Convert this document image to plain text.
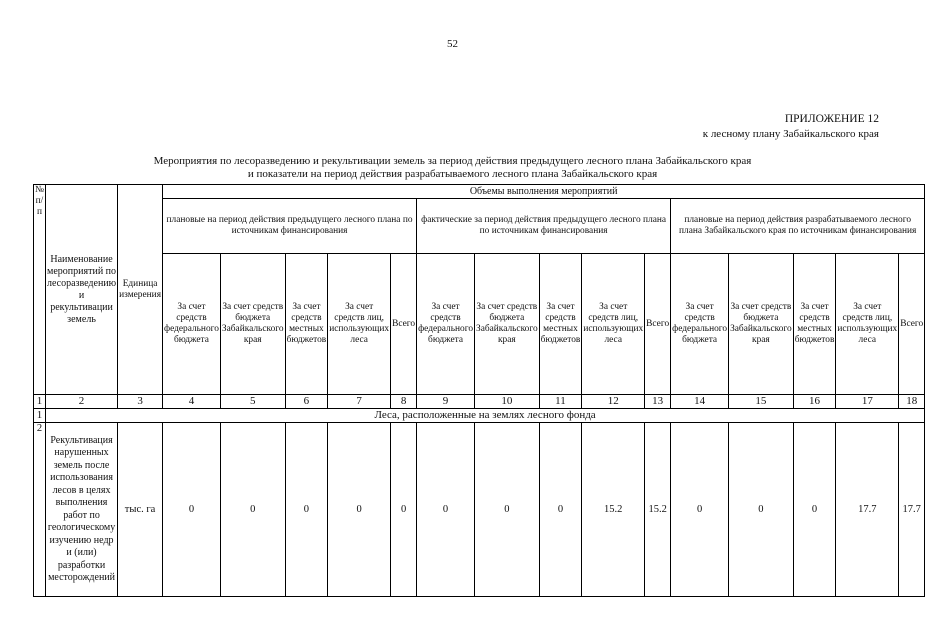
52
ПРИЛОЖЕНИЕ 12
к лесному плану Забайкальского края
Мероприятия по лесоразведению и рекультивации земель за период действия предыдущего лесного плана Забайкальского края
и показатели на период действия разрабатываемого лесного плана Забайкальского края
№ п/п	Наименование мероприятий по лесоразведению и рекультивации земель	Единица измерения	Объемы выполнения мероприятий														
			плановые на период действия предыдущего лесного плана по источникам финансирования					фактические за период действия предыдущего лесного плана по источникам финансирования					плановые на период действия разрабатываемого лесного плана Забайкальского края по источникам финансирования				
			За счет средств федерального бюджета	За счет средств бюджета Забайкальского края	За счет средств местных бюджетов	За счет средств лиц, использующих леса	Всего	За счет средств федерального бюджета	За счет средств бюджета Забайкальского края	За счет средств местных бюджетов	За счет средств лиц, использующих леса	Всего	За счет средств федерального бюджета	За счет средств бюджета Забайкальского края	За счет средств местных бюджетов	За счет средств лиц, использующих леса	Всего
1	2	3	4	5	6	7	8	9	10	11	12	13	14	15	16	17	18
1	Леса, расположенные на землях лесного фонда																
2	Рекультивация нарушенных земель после использования лесов в целях выполнения работ по геологическому изучению недр и (или) разработки месторождений	тыс. га	0	0	0	0	0	0	0	0	15.2	15.2	0	0	0	17.7	17.7
